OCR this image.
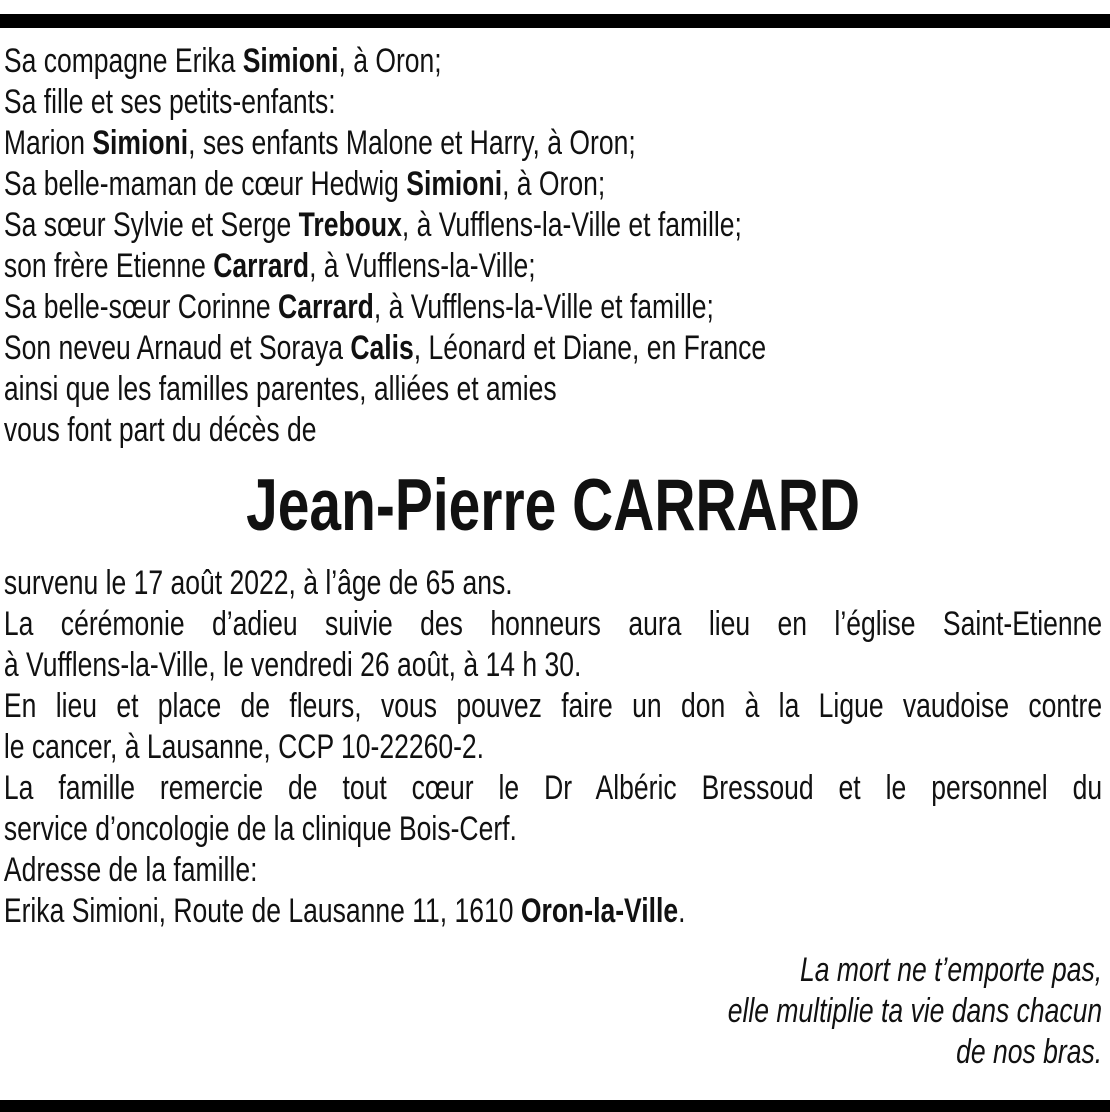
Sa compagne Erika Simioni, à Oron;
Sa fille et ses petits-enfants:
Marion Simioni, ses enfants Malone et Harry, à Oron;
Sa belle-maman de cœur Hedwig Simioni, à Oron;
Sa sœur Sylvie et Serge Treboux, à Vufflens-la-Ville et famille;
son frère Etienne Carrard, à Vufflens-la-Ville;
Sa belle-sœur Corinne Carrard, à Vufflens-la-Ville et famille;
Son neveu Arnaud et Soraya Calis, Léonard et Diane, en France
ainsi que les familles parentes, alliées et amies
vous font part du décès de
Jean-Pierre CARRARD
survenu le 17 août 2022, à l’âge de 65 ans.
La cérémonie d’adieu suivie des honneurs aura lieu en l’église Saint-Etienne
à Vufflens-la-Ville, le vendredi 26 août, à 14 h 30.
En lieu et place de fleurs, vous pouvez faire un don à la Ligue vaudoise contre
le cancer, à Lausanne, CCP 10-22260-2.
La famille remercie de tout cœur le Dr Albéric Bressoud et le personnel du
service d’oncologie de la clinique Bois-Cerf.
Adresse de la famille:
Erika Simioni, Route de Lausanne 11, 1610 Oron-la-Ville.
La mort ne t’emporte pas,
elle multiplie ta vie dans chacun
de nos bras.
